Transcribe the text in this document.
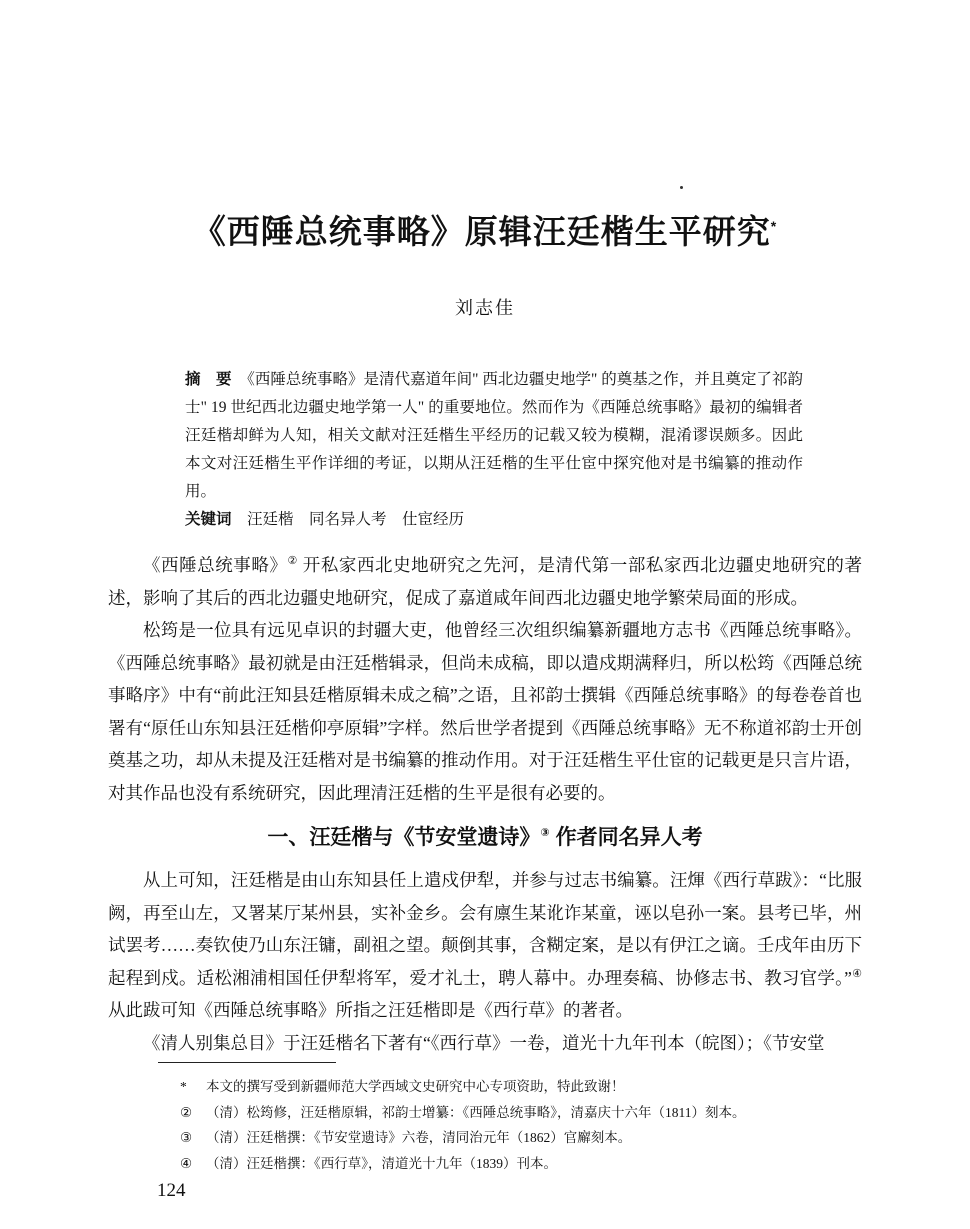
《西陲总统事略》原辑汪廷楷生平研究*
刘志佳

摘　要　 《西陲总统事略》是清代嘉道年间" 西北边疆史地学" 的奠基之作，并且奠定了祁韵士" 19 世纪西北边疆史地学第一人" 的重要地位。然而作为《西陲总统事略》最初的编辑者汪廷楷却鲜为人知，相关文献对汪廷楷生平经历的记载又较为模糊，混淆谬误颇多。因此本文对汪廷楷生平作详细的考证，以期从汪廷楷的生平仕宦中探究他对是书编纂的推动作用。

关键词　 汪廷楷　同名异人考　仕宦经历

《西陲总统事略》② 开私家西北史地研究之先河，是清代第一部私家西北边疆史地研究的著述，影响了其后的西北边疆史地研究，促成了嘉道咸年间西北边疆史地学繁荣局面的形成。

松筠是一位具有远见卓识的封疆大吏，他曾经三次组织编纂新疆地方志书《西陲总统事略》。《西陲总统事略》最初就是由汪廷楷辑录，但尚未成稿，即以遣戍期满释归，所以松筠《西陲总统事略序》中有“前此汪知县廷楷原辑未成之稿”之语，且祁韵士撰辑《西陲总统事略》的每卷卷首也署有“原任山东知县汪廷楷仰亭原辑”字样。然后世学者提到《西陲总统事略》无不称道祁韵士开创奠基之功，却从未提及汪廷楷对是书编纂的推动作用。对于汪廷楷生平仕宦的记载更是只言片语，对其作品也没有系统研究，因此理清汪廷楷的生平是很有必要的。

一、汪廷楷与《节安堂遗诗》③ 作者同名异人考

从上可知，汪廷楷是由山东知县任上遣戍伊犁，并参与过志书编纂。汪煇《西行草跋》：“比服阙，再至山左，又署某厅某州县，实补金乡。会有廪生某讹诈某童，诬以皂孙一案。县考已毕，州试罢考……奏钦使乃山东汪镛，副祖之望。颠倒其事，含糊定案，是以有伊江之谪。壬戌年由历下起程到戍。适松湘浦相国任伊犁将军，爱才礼士，聘人幕中。办理奏稿、协修志书、教习官学。”④ 从此跋可知《西陲总统事略》所指之汪廷楷即是《西行草》的著者。

《清人别集总目》于汪廷楷名下著有“《西行草》一卷，道光十九年刊本（皖图）；《节安堂

*	本文的撰写受到新疆师范大学西域文史研究中心专项资助，特此致谢！
②	（清）松筠修，汪廷楷原辑，祁韵士增纂：《西陲总统事略》，清嘉庆十六年（1811）刻本。
③	（清）汪廷楷撰：《节安堂遗诗》六卷，清同治元年（1862）官廨刻本。
④	（清）汪廷楷撰：《西行草》，清道光十九年（1839）刊本。
124
